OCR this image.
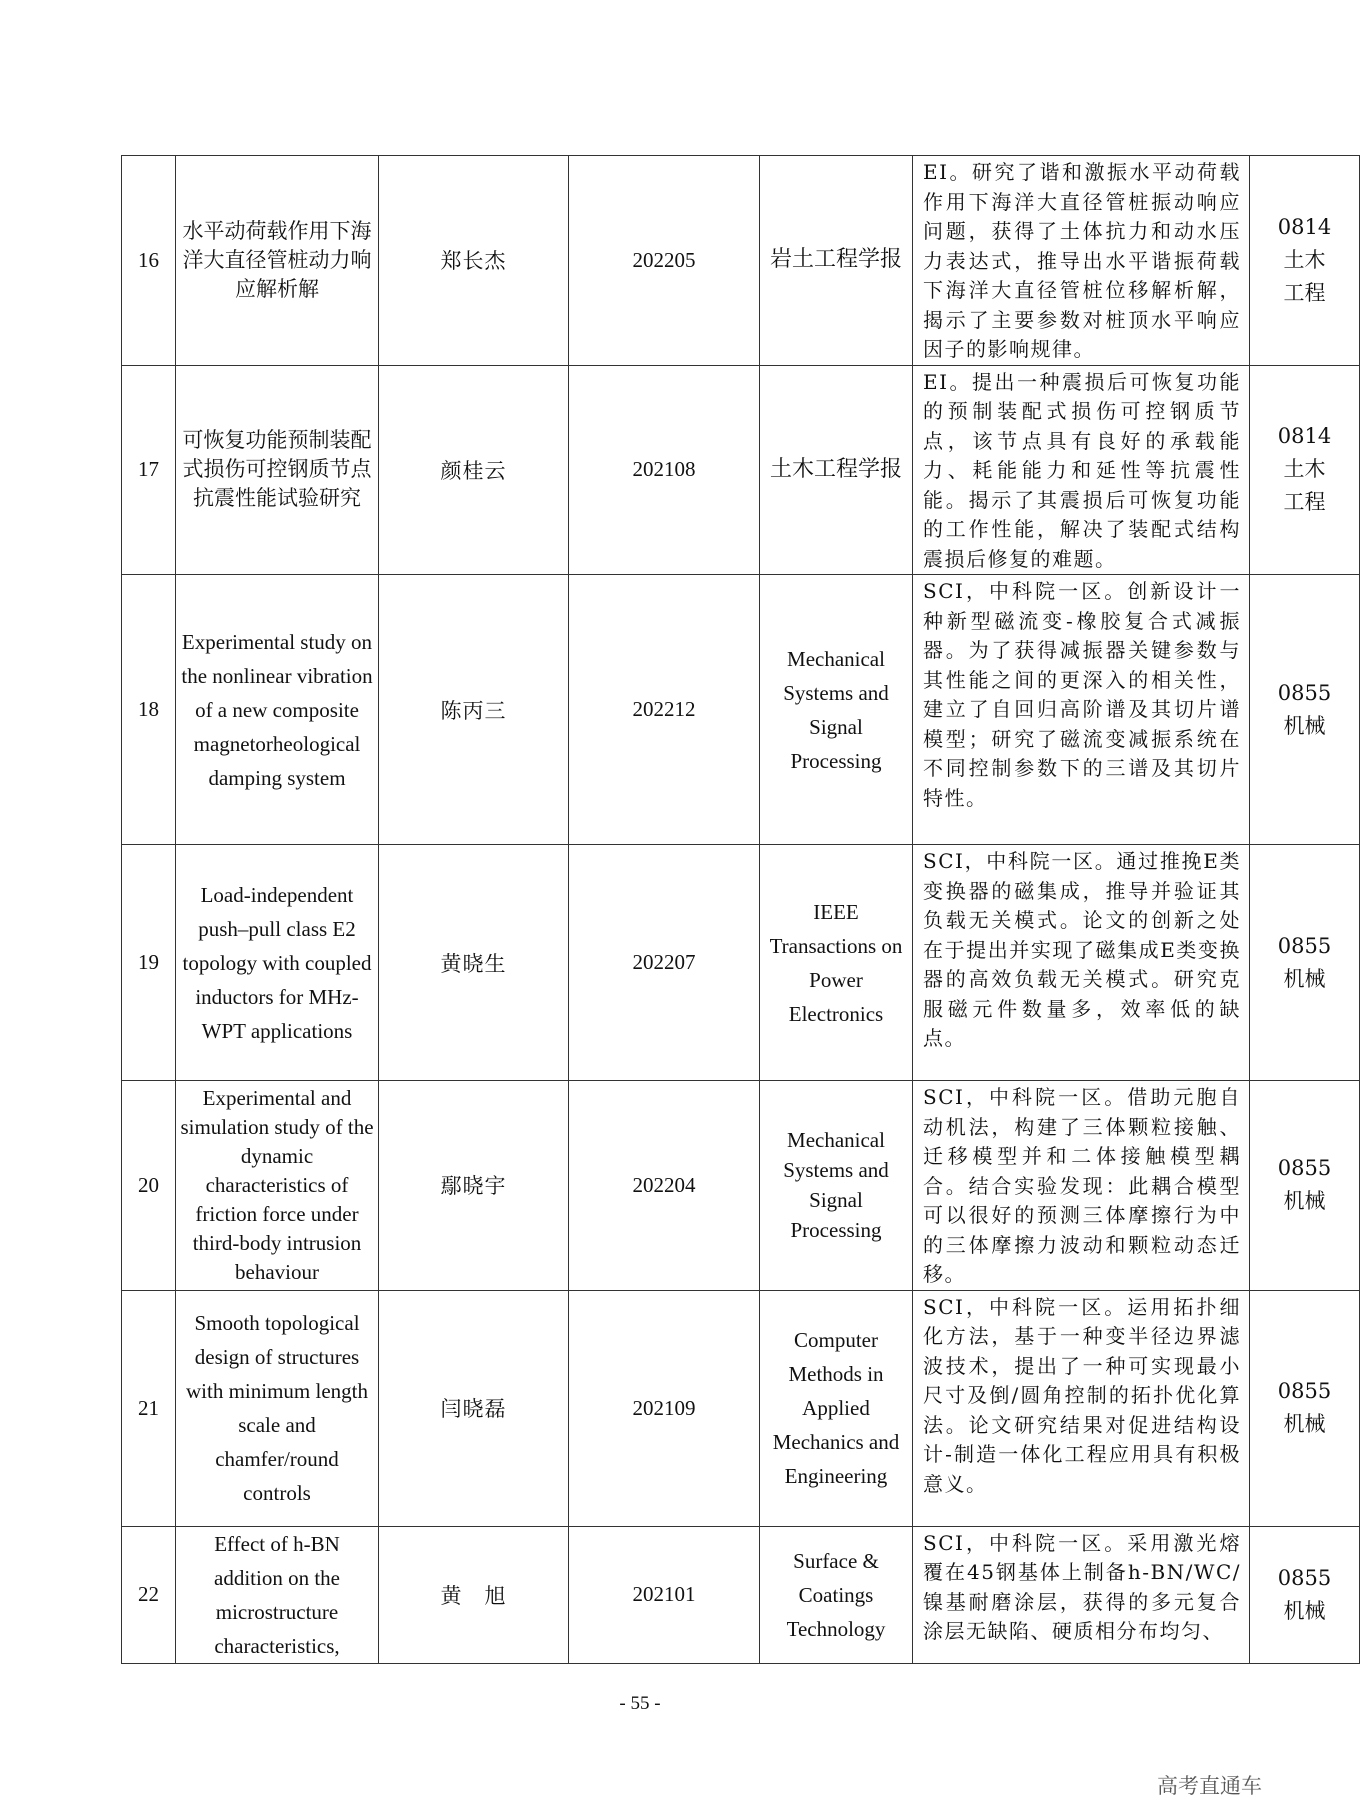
16	水平动荷载作用下海洋大直径管桩动力响应解析解	郑长杰	202205	岩土工程学报	EI。研究了谐和激振水平动荷载作用下海洋大直径管桩振动响应问题，获得了土体抗力和动水压力表达式，推导出水平谐振荷载下海洋大直径管桩位移解析解，揭示了主要参数对桩顶水平响应因子的影响规律。	0814
土木
工程
17	可恢复功能预制装配式损伤可控钢质节点抗震性能试验研究	颜桂云	202108	土木工程学报	EI。提出一种震损后可恢复功能的预制装配式损伤可控钢质节点，该节点具有良好的承载能力、耗能能力和延性等抗震性能。揭示了其震损后可恢复功能的工作性能，解决了装配式结构震损后修复的难题。	0814
土木
工程
18	Experimental study on the nonlinear vibration of a new composite magnetorheological damping system	陈丙三	202212	Mechanical Systems and Signal Processing	SCI，中科院一区。创新设计一种新型磁流变-橡胶复合式减振器。为了获得减振器关键参数与其性能之间的更深入的相关性，建立了自回归高阶谱及其切片谱模型；研究了磁流变减振系统在不同控制参数下的三谱及其切片特性。	0855
机械
19	Load-independent push–pull class E2 topology with coupled inductors for MHz-WPT applications	黄晓生	202207	IEEE Transactions on Power Electronics	SCI，中科院一区。通过推挽E类变换器的磁集成，推导并验证其负载无关模式。论文的创新之处在于提出并实现了磁集成E类变换器的高效负载无关模式。研究克服磁元件数量多，效率低的缺点。	0855
机械
20	Experimental and simulation study of the dynamic characteristics of friction force under third-body intrusion behaviour	鄢晓宇	202204	Mechanical Systems and Signal Processing	SCI，中科院一区。借助元胞自动机法，构建了三体颗粒接触、迁移模型并和二体接触模型耦合。结合实验发现：此耦合模型可以很好的预测三体摩擦行为中的三体摩擦力波动和颗粒动态迁移。	0855
机械
21	Smooth topological design of structures with minimum length scale and chamfer/round controls	闫晓磊	202109	Computer Methods in Applied Mechanics and Engineering	SCI，中科院一区。运用拓扑细化方法，基于一种变半径边界滤波技术，提出了一种可实现最小尺寸及倒/圆角控制的拓扑优化算法。论文研究结果对促进结构设计-制造一体化工程应用具有积极意义。	0855
机械
22	Effect of h-BN addition on the microstructure characteristics,	黄　旭	202101	Surface & Coatings Technology	SCI，中科院一区。采用激光熔覆在45钢基体上制备h-BN/WC/镍基耐磨涂层，获得的多元复合涂层无缺陷、硬质相分布均匀、	0855
机械
- 55 -
高考直通车
